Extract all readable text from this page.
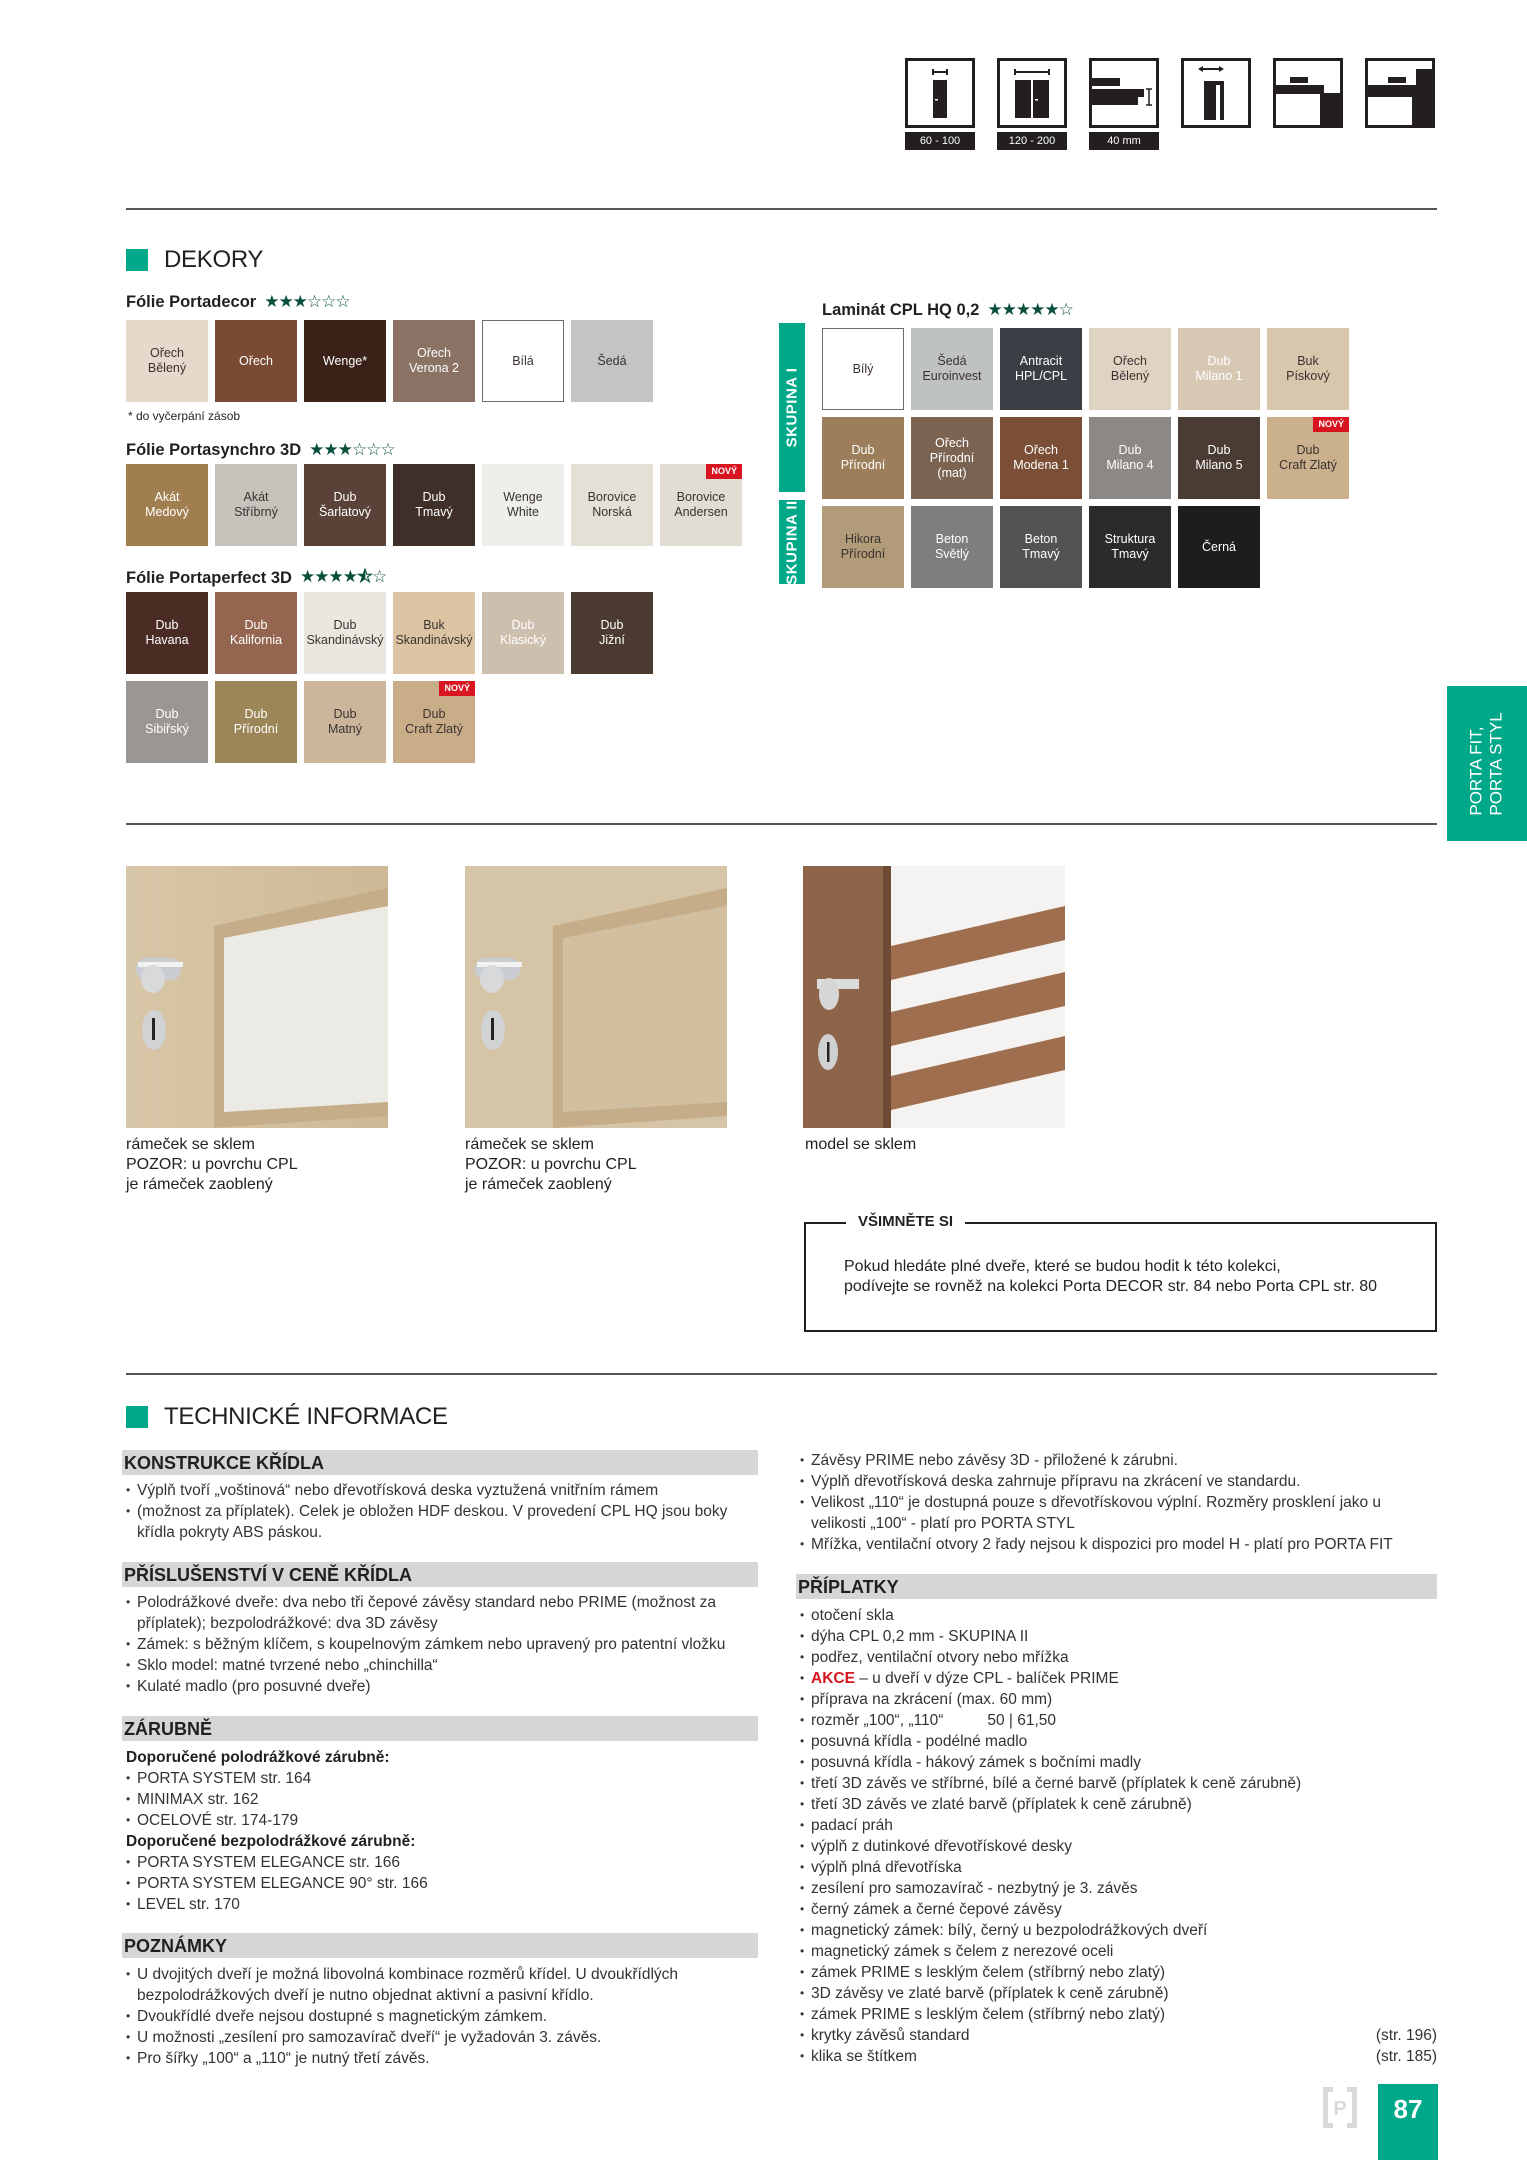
60 - 100	120 - 200	40 mm
DEKORY
Fólie Portadecor ★★★☆☆☆
Ořech
Bělený
Ořech	Wenge*
Ořech
Verona 2
Bílá	Šedá
* do vyčerpání zásob
Fólie Portasynchro 3D ★★★☆☆☆
Akát
Medový
Akát
Stříbrný
Dub
Šarlatový
Dub
Tmavý
Wenge
White
Borovice
Norská
Borovice
Andersen
NOVÝ
Fólie Portaperfect 3D ★★★★⯪☆
Dub
Havana
Dub
Kalifornia
Dub
Skandinávský
Buk
Skandinávský
Dub
Klasický
Dub
Jižní
Dub
Sibiřský
Dub
Přírodní
Dub
Matný
Dub
Craft Zlatý
NOVÝ
Laminát CPL HQ 0,2 ★★★★★☆
SKUPINA I
SKUPINA II
Bílý
Šedá
Euroinvest
Antracit
HPL/CPL
Ořech
Bělený
Dub
Milano 1
Buk
Pískový
Dub
Přírodní
Ořech
Přírodní
(mat)
Ořech
Modena 1
Dub
Milano 4
Dub
Milano 5
Dub
Craft Zlatý
NOVÝ
Hikora
Přírodní
Beton
Světlý
Beton
Tmavý
Struktura
Tmavý
Černá
PORTA FIT, PORTA STYL
rámeček se sklem
POZOR: u povrchu CPL
je rámeček zaoblený
rámeček se sklem
POZOR: u povrchu CPL
je rámeček zaoblený
model se sklem
VŠIMNĚTE SI
Pokud hledáte plné dveře, které se budou hodit k této kolekci,
podívejte se rovněž na kolekci Porta DECOR str. 84 nebo Porta CPL str. 80
TECHNICKÉ INFORMACE
KONSTRUKCE KŘÍDLA
• Výplň tvoří „voštinová“ nebo dřevotřísková deska vyztužená vnitřním rámem
• (možnost za příplatek). Celek je obložen HDF deskou. V provedení CPL HQ jsou boky křídla pokryty ABS páskou.
PŘÍSLUŠENSTVÍ V CENĚ KŘÍDLA
• Polodrážkové dveře: dva nebo tři čepové závěsy standard nebo PRIME (možnost za příplatek); bezpolodrážkové: dva 3D závěsy
• Zámek: s běžným klíčem, s koupelnovým zámkem nebo upravený pro patentní vložku
• Sklo model: matné tvrzené nebo „chinchilla“
• Kulaté madlo (pro posuvné dveře)
ZÁRUBNĚ
Doporučené polodrážkové zárubně:
• PORTA SYSTEM str. 164
• MINIMAX str. 162
• OCELOVÉ str. 174-179
Doporučené bezpolodrážkové zárubně:
• PORTA SYSTEM ELEGANCE str. 166
• PORTA SYSTEM ELEGANCE 90° str. 166
• LEVEL str. 170
POZNÁMKY
• U dvojitých dveří je možná libovolná kombinace rozměrů křídel. U dvoukřídlých bezpolodrážkových dveří je nutno objednat aktivní a pasivní křídlo.
• Dvoukřídlé dveře nejsou dostupné s magnetickým zámkem.
• U možnosti „zesílení pro samozavírač dveří“ je vyžadován 3. závěs.
• Pro šířky „100“ a „110“ je nutný třetí závěs.
• Závěsy PRIME nebo závěsy 3D - přiložené k zárubni.
• Výplň dřevotřísková deska zahrnuje přípravu na zkrácení ve standardu.
• Velikost „110“ je dostupná pouze s dřevotřískovou výplní. Rozměry prosklení jako u velikosti „100“ - platí pro PORTA STYL
• Mřížka, ventilační otvory 2 řady nejsou k dispozici pro model H - platí pro PORTA FIT
PŘÍPLATKY
• otočení skla
• dýha CPL 0,2 mm - SKUPINA II
• podřez, ventilační otvory nebo mřížka
• AKCE – u dveří v dýze CPL - balíček PRIME
• příprava na zkrácení (max. 60 mm)
• rozměr „100“, „110“	50 | 61,50
• posuvná křídla - podélné madlo
• posuvná křídla - hákový zámek s bočními madly
• třetí 3D závěs ve stříbrné, bílé a černé barvě (příplatek k ceně zárubně)
• třetí 3D závěs ve zlaté barvě (příplatek k ceně zárubně)
• padací práh
• výplň z dutinkové dřevotřískové desky
• výplň plná dřevotříska
• zesílení pro samozavírač - nezbytný je 3. závěs
• černý zámek a černé čepové závěsy
• magnetický zámek: bílý, černý u bezpolodrážkových dveří
• magnetický zámek s čelem z nerezové oceli
• zámek PRIME s lesklým čelem (stříbrný nebo zlatý)
• 3D závěsy ve zlaté barvě (příplatek k ceně zárubně)
• zámek PRIME s lesklým čelem (stříbrný nebo zlatý)
• krytky závěsů standard	(str. 196)
• klika se štítkem	(str. 185)
P	87
